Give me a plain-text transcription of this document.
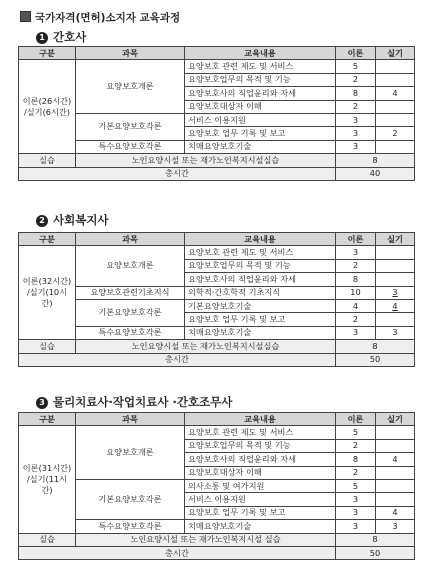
국가자격(면허)소지자 교육과정
1 간호사
구분	과목	교육내용	이론	실기
이론(26시간)
/실기(6시간)	요양보호개론	요양보호 관련 제도 및 서비스	5	
		요양보호업무의 목적 및 기능	2	
		요양보호사의 직업윤리와 자세	8	4
		요양보호대상자 이해	2	
	기본요양보호각론	서비스 이용지원	3	
		요양보호 업무 기록 및 보고	3	2
	특수요양보호각론	치매요양보호기술	3	
실습	노인요양시설 또는 재가노인복지시설실습		8	
총시간			40	
2 사회복지사
구분	과목	교육내용	이론	실기
이론(32시간)
/실기(10시간)	요양보호개론	요양보호 관련 제도 및 서비스	3	
		요양보호업무의 목적 및 기능	2	
		요양보호사의 직업윤리와 자세	8	
	요양보호관련기초지식	의학적·간호학적 기초지식	10	3
	기본요양보호각론	기본요양보호기술	4	4
		요양보호 업무 기록 및 보고	2	
	특수요양보호각론	치매요양보호기술	3	3
실습	노인요양시설 또는 재가노인복지시설실습		8	
총시간			50	
3 물리치료사·작업치료사 ·간호조무사
구분	과목	교육내용	이론	실기
이론(31시간)
/실기(11시간)	요양보호개론	요양보호 관련 제도 및 서비스	5	
		요양보호업무의 목적 및 기능	2	
		요양보호사의 직업윤리와 자세	8	4
		요양보호대상자 이해	2	
	기본요양보호각론	의사소통 및 여가지원	5	
		서비스 이용지원	3	
		요양보호 업무 기록 및 보고	3	4
	특수요양보호각론	치매요양보호기술	3	3
실습	노인요양시설 또는 재가노인복지시설 실습		8	
총시간			50	
